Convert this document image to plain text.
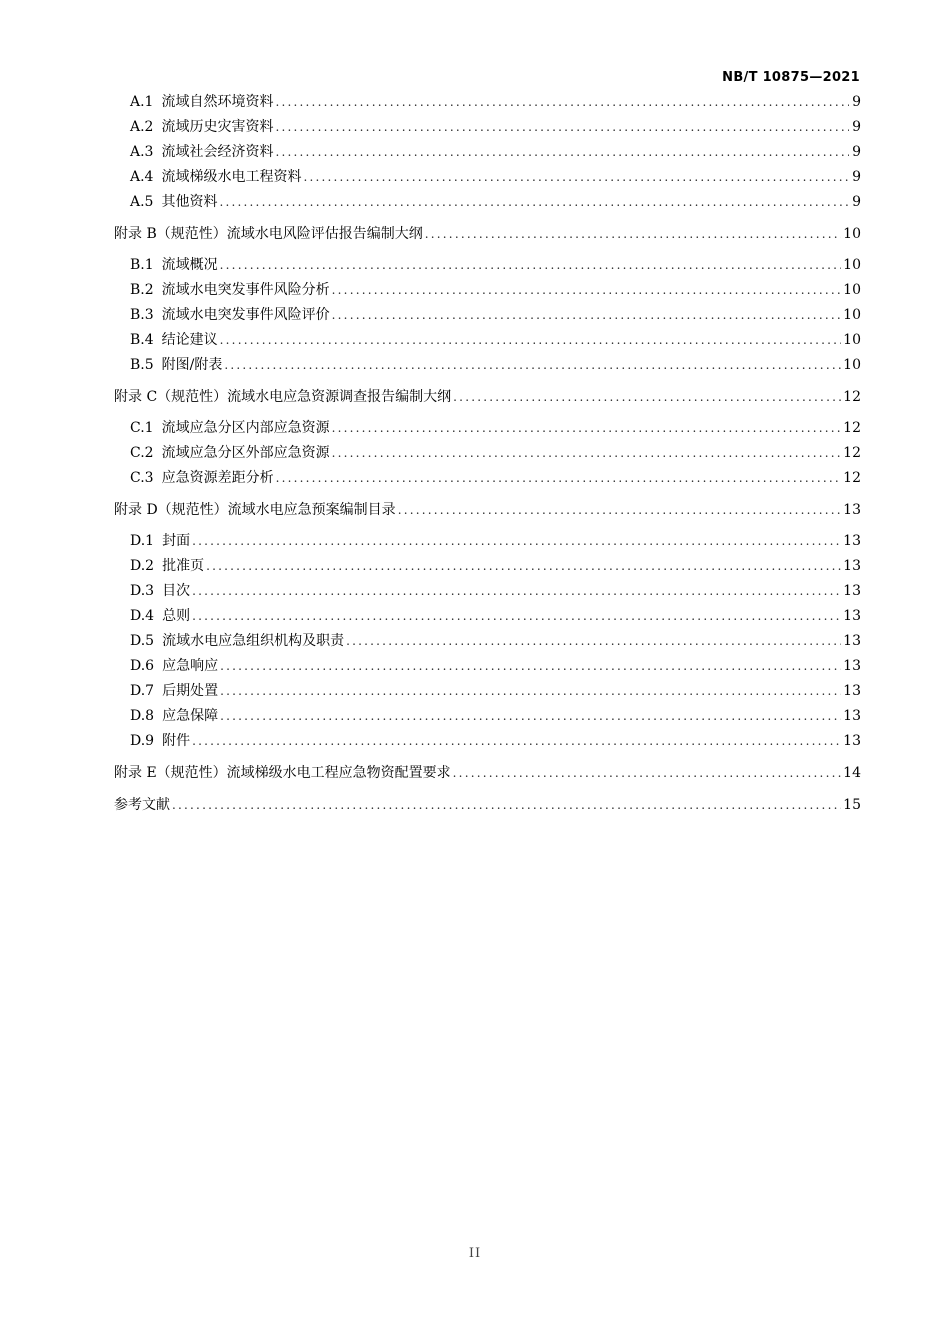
NB/T 10875—2021
A.1 流域自然环境资料 .....	9
A.2 流域历史灾害资料 .....	9
A.3 流域社会经济资料 .....	9
A.4 流域梯级水电工程资料 .....	9
A.5 其他资料 .....	9
附录 B（规范性）流域水电风险评估报告编制大纲 .....	10
B.1 流域概况 .....	10
B.2 流域水电突发事件风险分析 .....	10
B.3 流域水电突发事件风险评价 .....	10
B.4 结论建议 .....	10
B.5 附图/附表 .....	10
附录 C（规范性）流域水电应急资源调查报告编制大纲 .....	12
C.1 流域应急分区内部应急资源 .....	12
C.2 流域应急分区外部应急资源 .....	12
C.3 应急资源差距分析 .....	12
附录 D（规范性）流域水电应急预案编制目录 .....	13
D.1 封面 .....	13
D.2 批准页 .....	13
D.3 目次 .....	13
D.4 总则 .....	13
D.5 流域水电应急组织机构及职责 .....	13
D.6 应急响应 .....	13
D.7 后期处置 .....	13
D.8 应急保障 .....	13
D.9 附件 .....	13
附录 E（规范性）流域梯级水电工程应急物资配置要求 .....	14
参考文献 .....	15
II
